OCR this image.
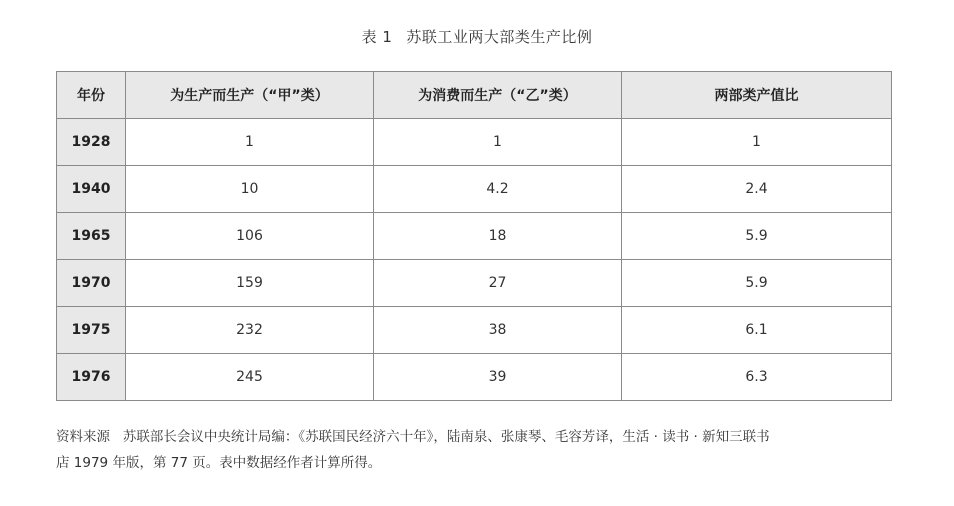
表 1 苏联工业两大部类生产比例
年份	为生产而生产（“甲”类）	为消费而生产（“乙”类）	两部类产值比
1928	1	1	1
1940	10	4.2	2.4
1965	106	18	5.9
1970	159	27	5.9
1975	232	38	6.1
1976	245	39	6.3
资料来源 苏联部长会议中央统计局编：《苏联国民经济六十年》，陆南泉、张康琴、毛容芳译，生活 · 读书 · 新知三联书
店 1979 年版，第 77 页。表中数据经作者计算所得。
